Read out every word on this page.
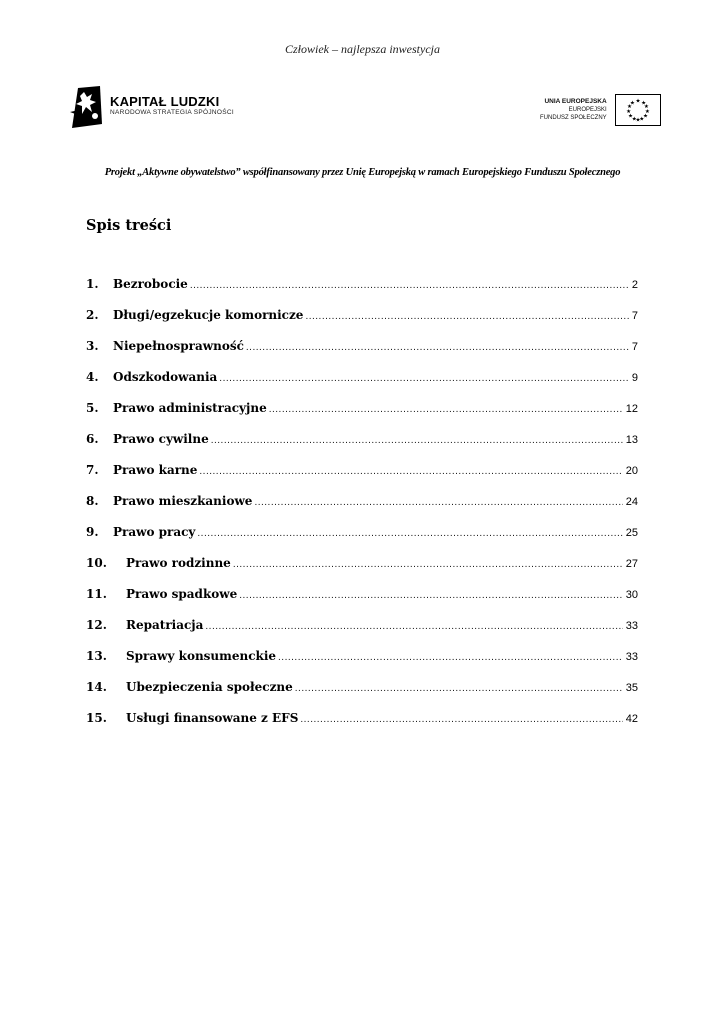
Człowiek – najlepsza inwestycja
KAPITAŁ LUDZKI
NARODOWA STRATEGIA SPÓJNOŚCI
UNIA EUROPEJSKA
EUROPEJSKI
FUNDUSZ SPOŁECZNY
★ ★
★
★
★
★
★
★
★
★
★
★
Projekt „Aktywne obywatelstwo” współfinansowany przez Unię Europejską w ramach Europejskiego Funduszu Społecznego
Spis treści
1.	Bezrobocie .....	2
2.	Długi/egzekucje komornicze .....	7
3.	Niepełnosprawność .....	7
4.	Odszkodowania .....	9
5.	Prawo administracyjne .....	12
6.	Prawo cywilne .....	13
7.	Prawo karne .....	20
8.	Prawo mieszkaniowe .....	24
9.	Prawo pracy .....	25
10.	Prawo rodzinne .....	27
11.	Prawo spadkowe .....	30
12.	Repatriacja .....	33
13.	Sprawy konsumenckie .....	33
14.	Ubezpieczenia społeczne .....	35
15.	Usługi finansowane z EFS .....	42
